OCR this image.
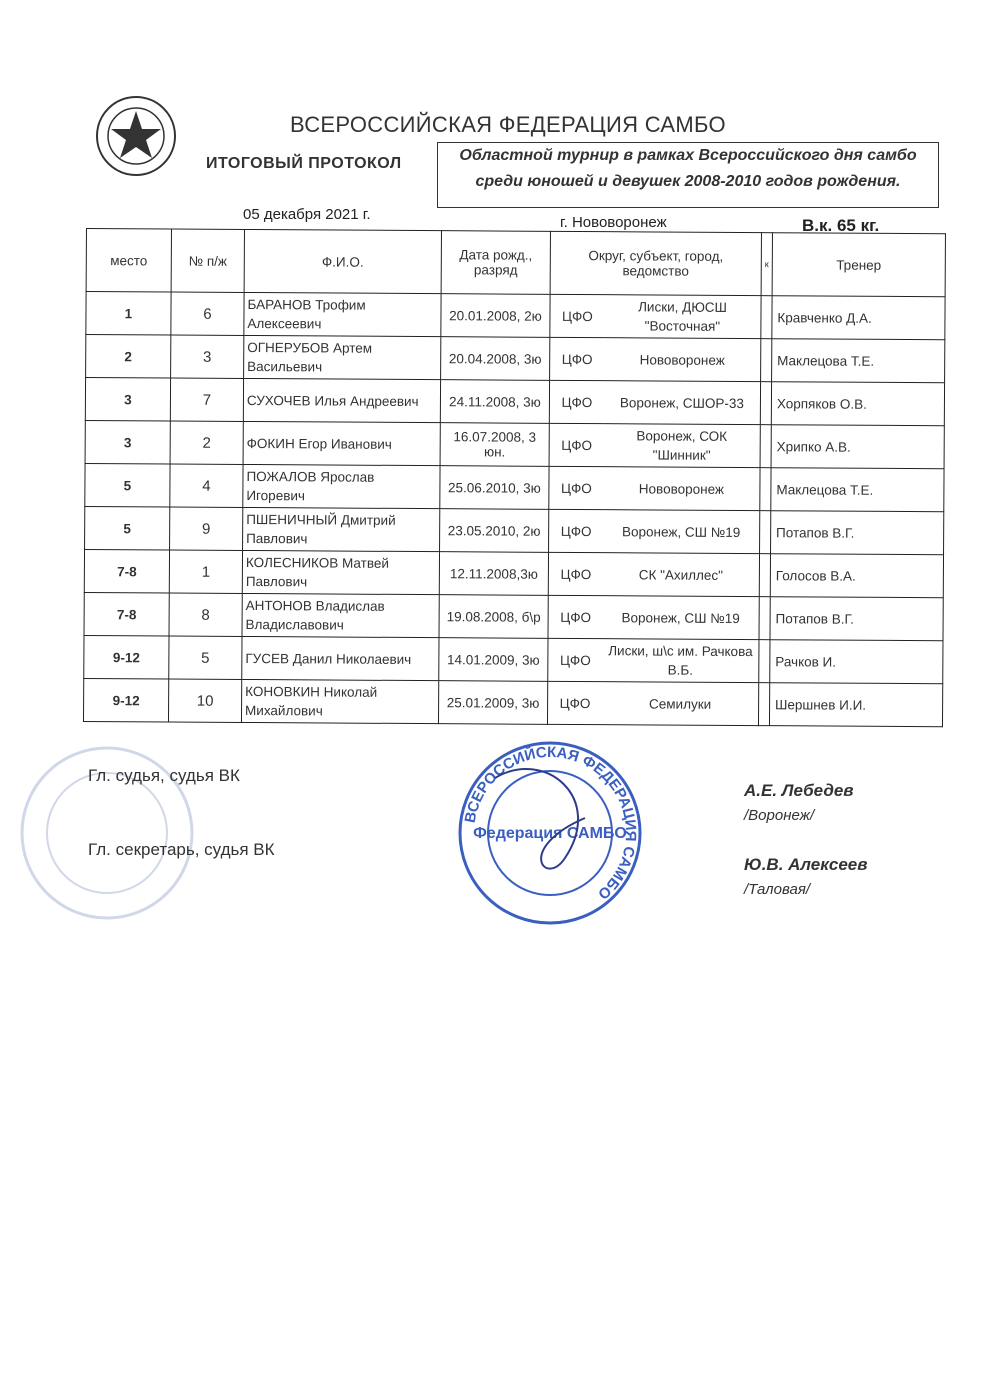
ВСЕРОССИЙСКАЯ ФЕДЕРАЦИЯ САМБО
ИТОГОВЫЙ ПРОТОКОЛ	Областной турнир в рамках Всероссийского дня самбо
среди юношей и девушек 2008-2010 годов рождения.
05 декабря 2021 г.	г. Нововоронеж	В.к. 65 кг.
место	№ п/ж	Ф.И.О.	Дата рожд., разряд	Округ, субъект, город, ведомство		к	Тренер
1	6	БАРАНОВ Трофим Алексеевич	20.01.2008, 2ю	ЦФО	Лиски, ДЮСШ "Восточная"		Кравченко Д.А.
2	3	ОГНЕРУБОВ Артем Васильевич	20.04.2008, 3ю	ЦФО	Нововоронеж		Маклецова Т.Е.
3	7	СУХОЧЕВ Илья Андреевич	24.11.2008, 3ю	ЦФО	Воронеж, СШОР-33		Хорпяков О.В.
3	2	ФОКИН Егор Иванович	16.07.2008, 3 юн.	ЦФО	Воронеж, СОК "Шинник"		Хрипко А.В.
5	4	ПОЖАЛОВ Ярослав Игоревич	25.06.2010, 3ю	ЦФО	Нововоронеж		Маклецова Т.Е.
5	9	ПШЕНИЧНЫЙ Дмитрий Павлович	23.05.2010, 2ю	ЦФО	Воронеж, СШ №19		Потапов В.Г.
7-8	1	КОЛЕСНИКОВ Матвей Павлович	12.11.2008,3ю	ЦФО	СК "Ахиллес"		Голосов В.А.
7-8	8	АНТОНОВ Владислав Владиславович	19.08.2008, б\р	ЦФО	Воронеж, СШ №19		Потапов В.Г.
9-12	5	ГУСЕВ Данил Николаевич	14.01.2009, 3ю	ЦФО	Лиски, ш\с им. Рачкова В.Б.		Рачков И.
9-12	10	КОНОВКИН Николай Михайлович	25.01.2009, 3ю	ЦФО	Семилуки		Шершнев И.И.
ВСЕРОССИЙСКАЯ ФЕДЕРАЦИЯ САМБО
Федерация САМБО
Гл. судья, судья ВК
А.Е. Лебедев
/Воронеж/
Гл. секретарь, судья ВК
Ю.В. Алексеев
/Таловая/
